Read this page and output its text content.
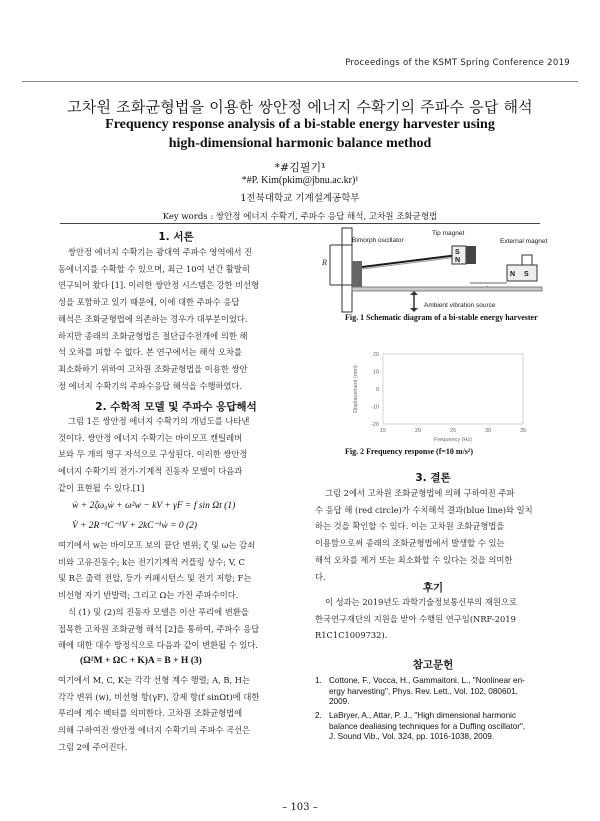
Proceedings of the KSMT Spring Conference 2019
고차원 조화균형법을 이용한 쌍안정 에너지 수확기의 주파수 응답 해석
Frequency response analysis of a bi-stable energy harvester using
high-dimensional harmonic balance method
*#김필기¹
*#P. Kim(pkim@jbnu.ac.kr)¹
1전북대학교 기계설계공학부
Key words : 쌍안정 에너지 수확기, 주파수 응답 해석, 고차원 조화균형법
1. 서론
쌍안정 에너지 수확기는 광대역 주파수 영역에서 진
동에너지를 수확할 수 있으며, 최근 10여 년간 활발히
연구되어 왔다 [1]. 이러한 쌍안정 시스템은 강한 비선형
성을 포함하고 있기 때문에, 이에 대한 주파수 응답
해석은 조화균형법에 의존하는 경우가 대부분이었다.
하지만 종래의 조화균형법은 절단급수전개에 의한 해
석 오차를 피할 수 없다. 본 연구에서는 해석 오차를
최소화하기 위하여 고차원 조화균형법을 이용한 쌍안
정 에너지 수확기의 주파수응답 해석을 수행하였다.
2. 수학적 모델 및 주파수 응답해석
그림 1은 쌍안정 에너지 수확기의 개념도를 나타낸
것이다. 쌍안정 에너지 수확기는 바이모프 캔틸레버
보와 두 개의 영구 자석으로 구성된다. 이러한 쌍안정
에너지 수확기의 전기-기계적 진동자 모델이 다음과
같이 표현될 수 있다.[1]
ẅ + 2ζω₀ẇ + ω²w − kV + γF = f sin Ωt (1)
V̇ + 2R⁻¹C⁻¹V + 2kC⁻¹ẇ = 0 (2)
여기에서 w는 바이모프 보의 끝단 변위; ζ 및 ω는 감쇠
비와 고유진동수; k는 전기기계적 커플링 상수; V, C
및 R은 출력 전압, 등가 커패시턴스 및 전기 저항; F는
비선형 자기 반발력; 그리고 Ω는 가진 주파수이다.
식 (1) 및 (2)의 진동자 모델은 이산 푸리에 변환을
접목한 고차원 조화균형 해석 [2]을 통하여, 주파수 응답
해에 대한 대수 방정식으로 다음과 같이 변환될 수 있다.
(Ω²M + ΩC + K)A = B + H (3)
여기에서 M, C, K는 각각 선형 계수 행렬; A, B, H는
각각 변위 (w), 비선형 항(γF), 강제 항(f sinΩt)에 대한
푸리에 계수 벡터를 의미한다. 고차원 조화균형법에
의해 구하여진 쌍안정 에너지 수확기의 주파수 곡선은
그림 2에 주어진다.
R
S
N
N S
Tip magnet
Bimorph oscillator	External magnet
Ambient vibration source
Fig. 1 Schematic diagram of a bi-stable energy harvester
15	20	25	30	35
20
10
0
-10
-20
Frequency (Hz)
Displacement (mm)
Fig. 2 Frequency response (f=10 m/s²)
3. 결론
그림 2에서 고차원 조화균형법에 의해 구하여진 주파
수 응답 해 (red circle)가 수치해석 결과(blue line)와 일치
하는 것을 확인할 수 있다. 이는 고차원 조화균형법을
이용함으로써 종래의 조화균형법에서 발생할 수 있는
해석 오차를 제거 또는 최소화할 수 있다는 것을 의미한
다.
후기
이 성과는 2019년도 과학기술정보통신부의 재원으로
한국연구재단의 지원을 받아 수행된 연구임(NRF-2019
R1C1C1009732).
참고문헌
1. Cottone, F., Vocca, H., Gammaitoni, L., "Nonlinear en-
ergy harvesting", Phys. Rev. Lett., Vol. 102, 080601,
2009.
2. LaBryer, A., Attar, P. J., "High dimensional harmonic
balance dealiasing techniques for a Duffing oscillator",
J. Sound Vib., Vol. 324, pp. 1016-1038, 2009.
– 103 –
